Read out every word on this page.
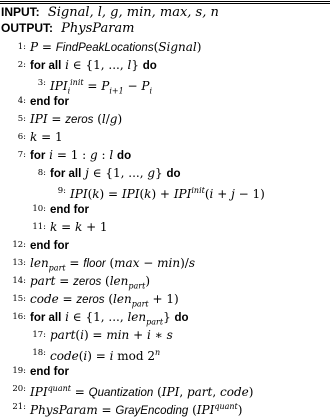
INPUT: Signal, l, g, min, max, s, n
OUTPUT: PhysParam
1: P = FindPeakLocations(Signal)
2: for all i ∈ {1, ..., l} do
3: $IPI_i^{init} = P_{i+1} - P_i$
4: end for
5: IPI = zeros (l/g)
6: k = 1
7: for i = 1 : g : l do
8: for all j ∈ {1, ..., g} do
9: $IPI(k) = IPI(k) + IPI^{init}(i + j - 1)$
10: end for
11: k = k + 1
12: end for
13: len$_{part}$ = floor (max − min)/s
14: part = zeros (len$_{part}$)
15: code = zeros (len$_{part}$ + 1)
16: for all i ∈ {1, ..., len$_{part}$} do
17: part(i) = min + i ∗ s
18: code(i) = i mod 2$^n$
19: end for
20: $IPI^{quant}$ = Quantization (IPI, part, code)
21: PhysParam = GrayEncoding $(IPI^{quant})$
